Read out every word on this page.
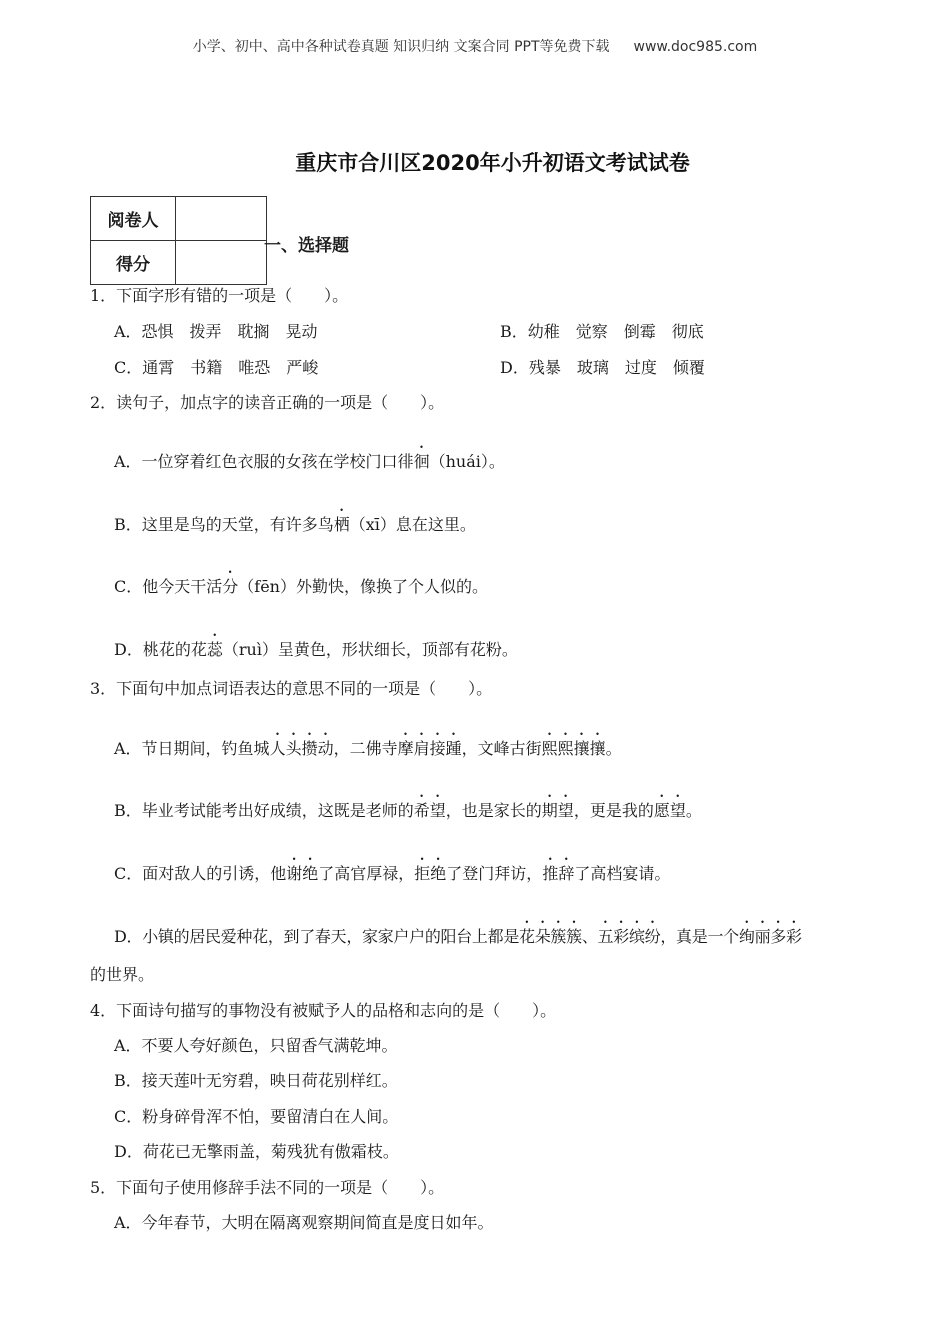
小学、初中、高中各种试卷真题 知识归纳 文案合同 PPT等免费下载 www.doc985.com
重庆市合川区2020年小升初语文考试试卷
阅卷人	
得分	
一、选择题
1．下面字形有错的一项是（　　）。
A．恐惧　拨弄　耽搁　晃动	B．幼稚　觉察　倒霉　彻底
C．通霄　书籍　唯恐　严峻	D．残暴　玻璃　过度　倾覆
2．读句子，加点字的读音正确的一项是（　　）。
A．一位穿着红色衣服的女孩在学校门口徘徊（huái）。
B．这里是鸟的天堂，有许多鸟栖（xī）息在这里。
C．他今天干活分（fēn）外勤快，像换了个人似的。
D．桃花的花蕊（ruì）呈黄色，形状细长，顶部有花粉。
3．下面句中加点词语表达的意思不同的一项是（　　）。
A．节日期间，钓鱼城人头攒动，二佛寺摩肩接踵，文峰古街熙熙攘攘。
B．毕业考试能考出好成绩，这既是老师的希望，也是家长的期望，更是我的愿望。
C．面对敌人的引诱，他谢绝了高官厚禄，拒绝了登门拜访，推辞了高档宴请。
D．小镇的居民爱种花，到了春天，家家户户的阳台上都是花朵簇簇、五彩缤纷，真是一个绚丽多彩
的世界。
4．下面诗句描写的事物没有被赋予人的品格和志向的是（　　）。
A．不要人夸好颜色，只留香气满乾坤。
B．接天莲叶无穷碧，映日荷花别样红。
C．粉身碎骨浑不怕，要留清白在人间。
D．荷花已无擎雨盖，菊残犹有傲霜枝。
5．下面句子使用修辞手法不同的一项是（　　）。
A．今年春节，大明在隔离观察期间简直是度日如年。
